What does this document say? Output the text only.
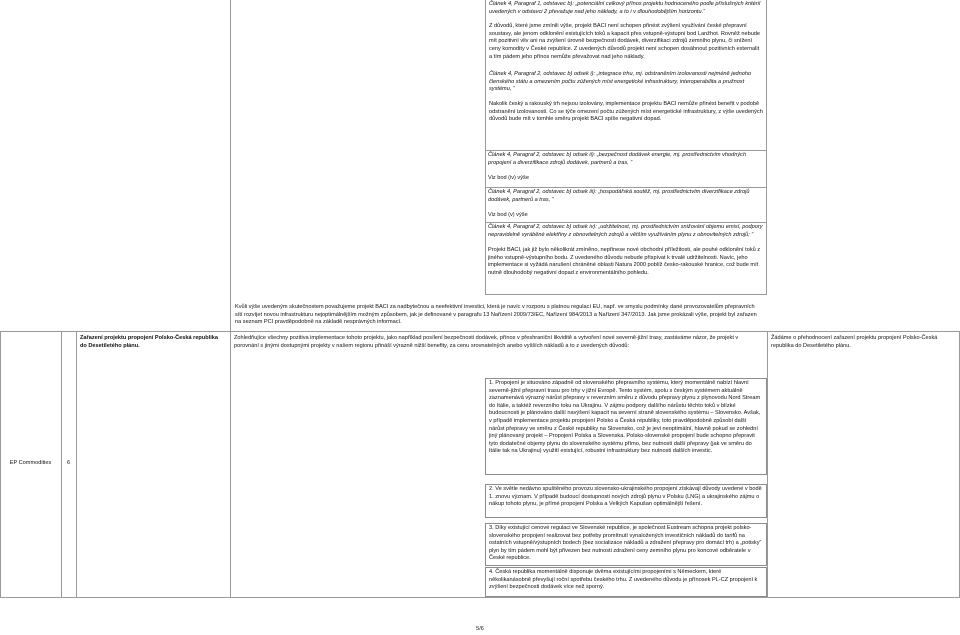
Článek 4, Paragraf 1, odstavec b): „potenciální celkový přínos projektu hodnoceného podle příslušných kritérií uvedených v odstavci 2 převažuje nad jeho náklady, a to i v dlouhodobějším horizontu.“

Z důvodů, které jsme zmínili výše, projekt BACI není schopen přinést zvýšení využívání české přepravní soustavy, ale jenom odklonění existujících toků a kapacit přes vstupně-výstupní bod Lanžhot. Rovněž nebude mít pozitivní vliv ani na zvýšení úrovně bezpečnosti dodávek, diverzifikaci zdrojů zemního plynu, či snížení ceny komodity v České republice. Z uvedených důvodů projekt není schopen dosáhnout pozitivních externalit a tím pádem jeho přínos nemůže převažovat nad jeho náklady.

Článek 4, Paragraf 2, odstavec b) odsek i): „integrace trhu, mj. odstraněním izolovanosti nejméně jednoho členského státu a omezením počtu zúžených míst energetické infrastruktury, interoperabilita a pružnost systému, “

Nakolik český a rakouský trh nejsou izolovány, implementace projektu BACI nemůže přinést benefit v podobě odstranění izolovanosti. Co se týče omezení počtu zúžených míst energetické infrastruktury, z výše uvedených důvodů bude mít v tomhle směru projekt BACI spíše negativní dopad.

Článek 4, Paragraf 2, odstavec b) odsek ii): „bezpečnost dodávek energie, mj. prostřednictvím vhodných propojení a diverzifikace zdrojů dodávek, partnerů a tras, “

Viz bod (iv) výše

Článek 4, Paragraf 2, odstavec b) odsek iii): „hospodářská soutěž, mj. prostřednictvím diverzifikace zdrojů dodávek, partnerů a tras, “

Viz bod (v) výše

Článek 4, Paragraf 2, odstavec b) odsek iv): „udržitelnost, mj. prostřednictvím snižování objemu emisí, podpory nepravidelně vyráběné elektřiny z obnovitelných zdrojů a větším využíváním plynu z obnovitelných zdrojů; “

Projekt BACI, jak již bylo několikrát zmíněno, nepřinese nové obchodní příležitosti, ale pouhé odklonění toků z jiného vstupně-výstupního bodu. Z uvedeného důvodu nebude přispívat k trvalé udržitelnosti. Navíc, jeho implementace si vyžádá narušení chráněné oblasti Natura 2000 poblíž česko-rakouské hranice, což bude mít nutně dlouhodobý negativní dopad z environmentálního pohledu.

Kvůli výše uvedeným skutečnostem považujeme projekt BACI za nadbytečnou a neefektivní investici, která je navíc v rozporu s platnou regulací EU, např. ve smyslu podmínky dané provozovatelům přepravních sítí rozvíjet novou infrastrukturu nejoptimálnějším možným způsobem, jak je definované v paragrafu 13 Nařízení 2009/73/EC, Nařízení 984/2013 a Nařízení 347/2013. Jak jsme prokázali výše, projekt byl zařazen na seznam PCI pravděpodobně na základě nesprávných informací.
EP Commodities	6
Zařazení projektu propojení Polsko-Česká republika do Desetiletého plánu.
Zohledňujíce všechny pozitiva implementace tohoto projektu, jako například posílení bezpečnosti dodávek, přínos v přeshraniční likviditě a vytvoření nové severně-jižní trasy, zastáváme názor, že projekt v porovnání s jinými dostupnými projekty v našem regionu přináší výrazně nižší benefity, za cenu srovnatelných anebo vyšších nákladů a to z uvedených důvodů:
Žádáme o přehodnocení zařazení projektu propojení Polsko-Česká republika do Desetiletého plánu.
1. Propojení je situováno západně od slovenského přepravního systému, který momentálně nabízí hlavní severně-jižní přepravní trasu pro trhy v jižní Evropě. Tento systém, spolu s českým systémem aktuálně zaznamenává výrazný nárůst přepravy v reverzním směru z důvodu přepravy plynu z plynovodu Nord Stream do Itálie, a taktéž reverzního toku na Ukrajinu. V zájmu podpory dalšího nárůstu těchto toků v blízké budoucnosti je plánováno další navýšení kapacit na severní straně slovenského systému – Slovensko. Avšak, v případě implementace projektu propojení Polsko a Česká republiky, toto pravděpodobně způsobí další nárůst přepravy ve směru z České republiky na Slovensko, což je jevi neoptimální, hlavně pokud se zohlední jiný plánovaný projekt – Propojení Polska a Slovenska. Polsko-slovenské propojení bude schopno přepravit tyto dodatečné objemy plynu do slovenského systému přímo, bez nutnosti další přepravy (jak ve směru do Itálie tak na Ukrajinu) využití existující, robustní infrastruktury bez nutnosti dalších investic.
2. Ve světle nedávno spuštěného provozu slovensko-ukrajinského propojení získávají důvody uvedené v bodě 1. znovu význam. V případě budoucí dostupnosti nových zdrojů plynu v Polsku (LNG) a ukrajinského zájmu o nákup tohoto plynu, je přímé propojení Polska a Velkých Kapušan optimálnější řešení.
3. Díky existující cenové regulaci ve Slovenské republice, je společnost Eustream schopna projekt polsko-slovenského propojení realizovat bez potřeby promítnutí vynaložených investičních nákladů do tarifů na ostatních vstupně/výstupních bodech (bez socializace nákladů a zdražení přepravy pro domácí trh) a „potisky“ plyn by tím pádem mohl být přivezen bez nutnosti zdražení ceny zemního plynu pro koncové odběratele v České republice.
4. Česká republika momentálně disponuje dvěma existujícími propojeními s Německem, které několikanásobně převyšují roční spotřebu českého trhu. Z uvedeného důvodu je přínosek PL-CZ propojení k zvýšení bezpečnosti dodávek více než sporný.
5/6
